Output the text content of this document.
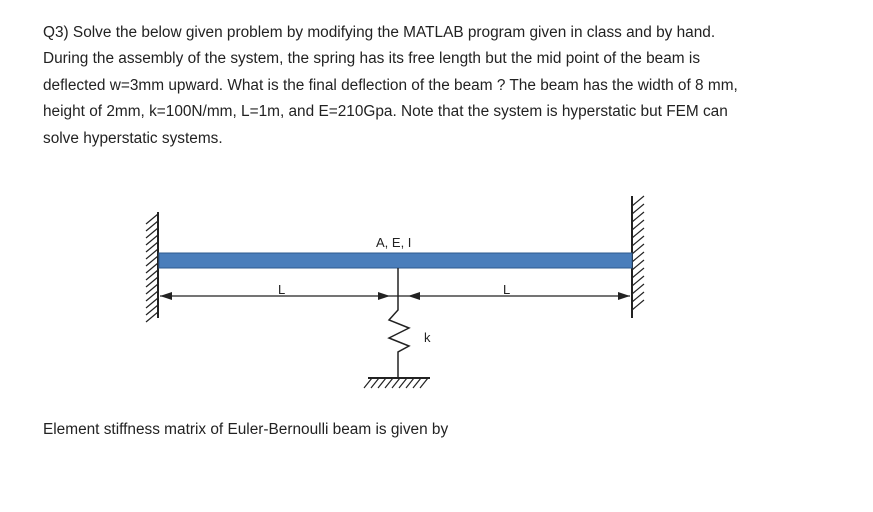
Q3) Solve the below given problem by modifying the MATLAB program given in class and by hand.
During the assembly of the system, the spring has its free length but the mid point of the beam is
deflected w=3mm upward. What is the final deflection of the beam ? The beam has the width of 8 mm,
height of 2mm, k=100N/mm, L=1m, and E=210Gpa. Note that the system is hyperstatic but FEM can
solve hyperstatic systems.
A, E, I
L	L
k

Element stiffness matrix of Euler-Bernoulli beam is given by
